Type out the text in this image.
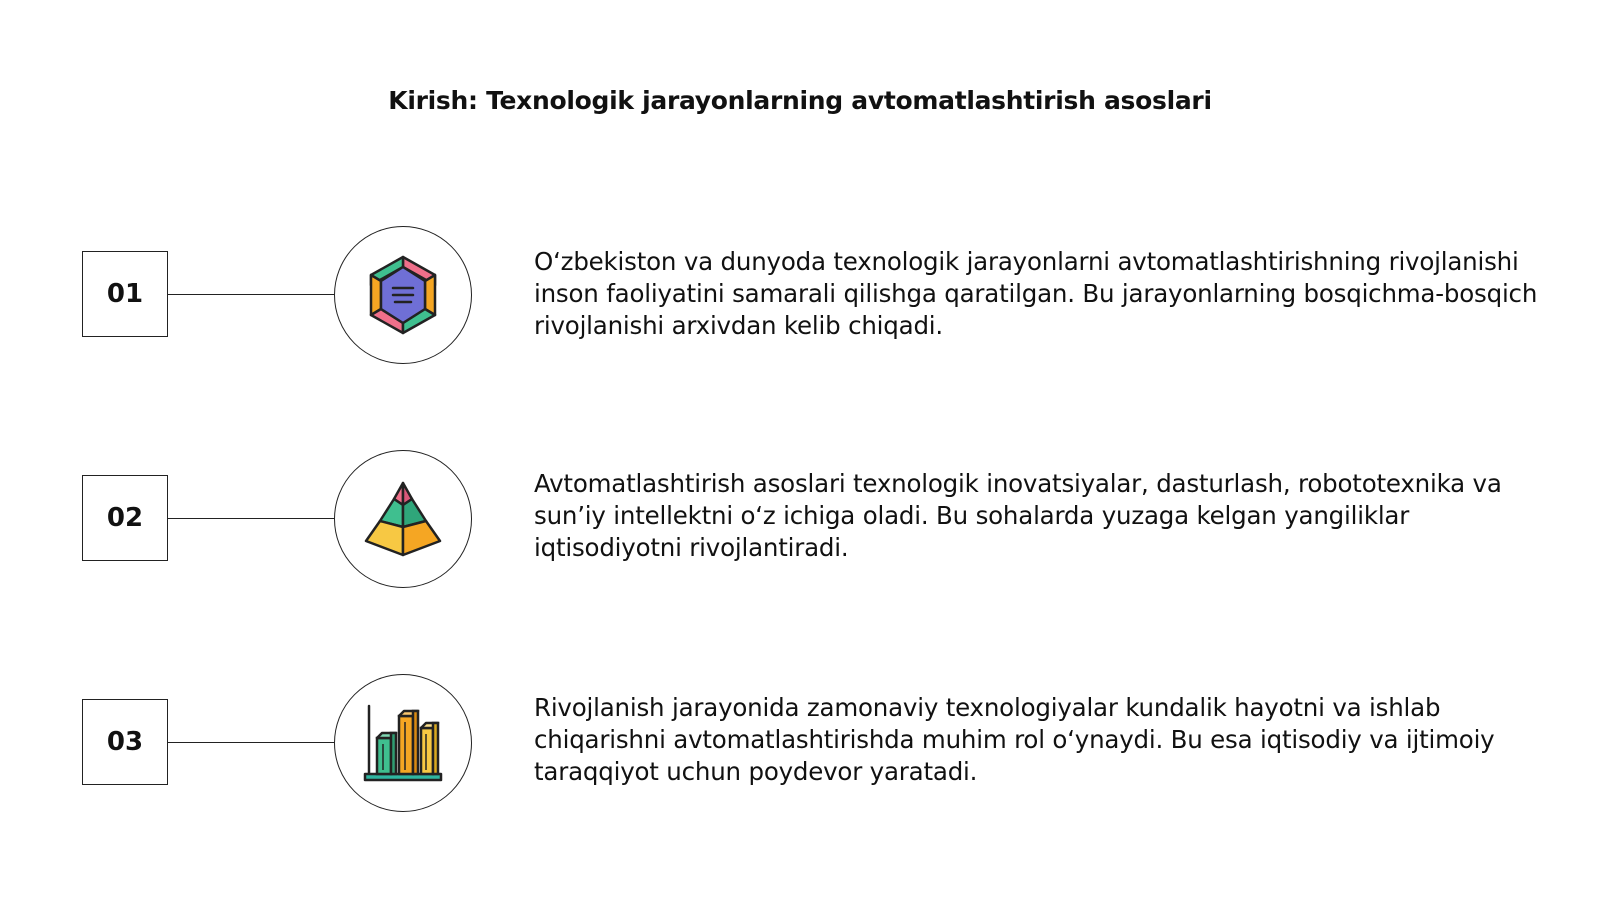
Kirish: Texnologik jarayonlarning avtomatlashtirish asoslari
01
O‘zbekiston va dunyoda texnologik jarayonlarni avtomatlashtirishning rivojlanishi inson faoliyatini samarali qilishga qaratilgan. Bu jarayonlarning bosqichma-bosqich rivojlanishi arxivdan kelib chiqadi.
02
Avtomatlashtirish asoslari texnologik inovatsiyalar, dasturlash, robototexnika va sun’iy intellektni o‘z ichiga oladi. Bu sohalarda yuzaga kelgan yangiliklar iqtisodiyotni rivojlantiradi.
03
Rivojlanish jarayonida zamonaviy texnologiyalar kundalik hayotni va ishlab chiqarishni avtomatlashtirishda muhim rol o‘ynaydi. Bu esa iqtisodiy va ijtimoiy taraqqiyot uchun poydevor yaratadi.
